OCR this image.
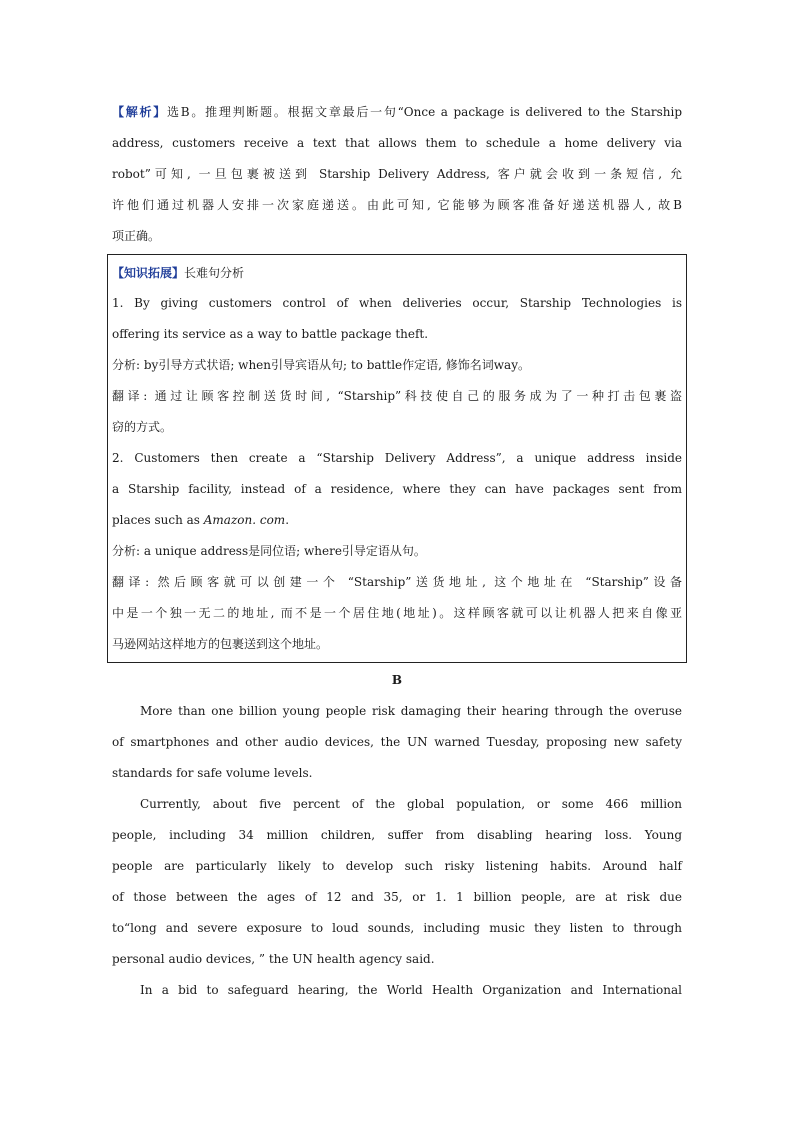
【解析】选B。推理判断题。根据文章最后一句“Once a package is delivered to the Starship
address, customers receive a text that allows them to schedule a home delivery via
robot”可知, 一旦包裹被送到 Starship Delivery Address, 客户就会收到一条短信, 允
许他们通过机器人安排一次家庭递送。由此可知, 它能够为顾客准备好递送机器人, 故B
项正确。
【知识拓展】长难句分析
1. By giving customers control of when deliveries occur, Starship Technologies is
offering its service as a way to battle package theft.
分析: by引导方式状语; when引导宾语从句; to battle作定语, 修饰名词way。
翻译: 通过让顾客控制送货时间, “Starship”科技使自己的服务成为了一种打击包裹盗
窃的方式。
2. Customers then create a “Starship Delivery Address”, a unique address inside
a Starship facility, instead of a residence, where they can have packages sent from
places such as Amazon. com.
分析: a unique address是同位语; where引导定语从句。
翻译: 然后顾客就可以创建一个 “Starship”送货地址, 这个地址在 “Starship”设备
中是一个独一无二的地址, 而不是一个居住地(地址)。这样顾客就可以让机器人把来自像亚
马逊网站这样地方的包裹送到这个地址。
B
More than one billion young people risk damaging their hearing through the overuse
of smartphones and other audio devices, the UN warned Tuesday, proposing new safety
standards for safe volume levels.
Currently, about five percent of the global population, or some 466 million
people, including 34 million children, suffer from disabling hearing loss. Young
people are particularly likely to develop such risky listening habits. Around half
of those between the ages of 12 and 35, or 1. 1 billion people, are at risk due
to“long and severe exposure to loud sounds, including music they listen to through
personal audio devices, ” the UN health agency said.
In a bid to safeguard hearing, the World Health Organization and International
